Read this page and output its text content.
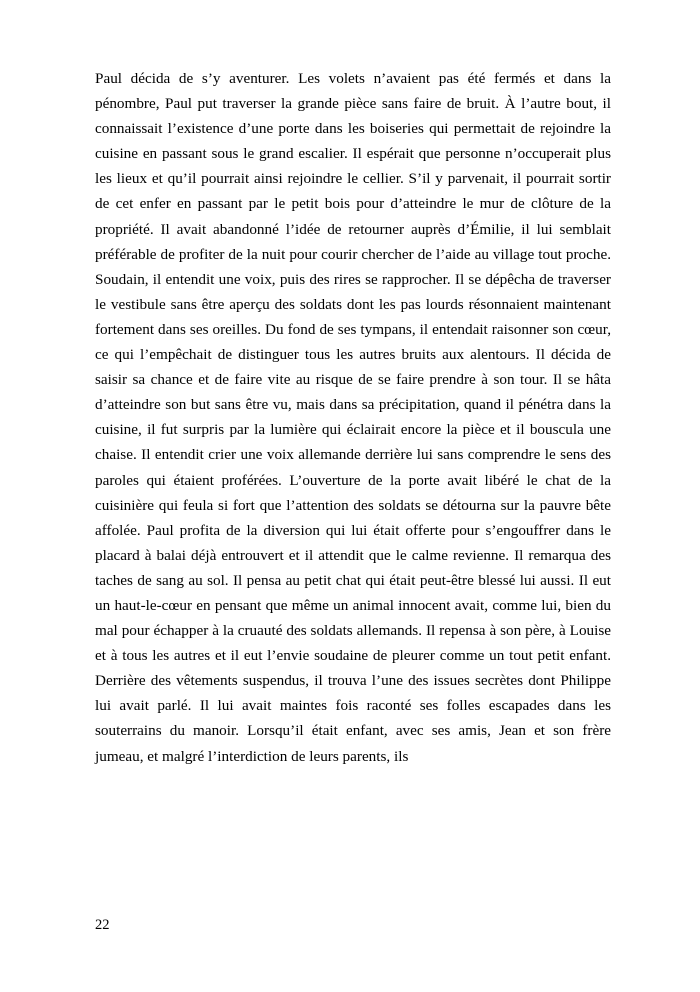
Paul décida de s’y aventurer. Les volets n’avaient pas été fermés et dans la pénombre, Paul put traverser la grande pièce sans faire de bruit. À l’autre bout, il connaissait l’existence d’une porte dans les boiseries qui permettait de rejoindre la cuisine en passant sous le grand escalier. Il espérait que personne n’occuperait plus les lieux et qu’il pourrait ainsi rejoindre le cellier. S’il y parvenait, il pourrait sortir de cet enfer en passant par le petit bois pour d’atteindre le mur de clôture de la propriété. Il avait abandonné l’idée de retourner auprès d’Émilie, il lui semblait préférable de profiter de la nuit pour courir chercher de l’aide au village tout proche. Soudain, il entendit une voix, puis des rires se rapprocher. Il se dépêcha de traverser le vestibule sans être aperçu des soldats dont les pas lourds résonnaient maintenant fortement dans ses oreilles. Du fond de ses tympans, il entendait raisonner son cœur, ce qui l’empêchait de distinguer tous les autres bruits aux alentours. Il décida de saisir sa chance et de faire vite au risque de se faire prendre à son tour. Il se hâta d’atteindre son but sans être vu, mais dans sa précipitation, quand il pénétra dans la cuisine, il fut surpris par la lumière qui éclairait encore la pièce et il bouscula une chaise. Il entendit crier une voix allemande derrière lui sans comprendre le sens des paroles qui étaient proférées. L’ouverture de la porte avait libéré le chat de la cuisinière qui feula si fort que l’attention des soldats se détourna sur la pauvre bête affolée. Paul profita de la diversion qui lui était offerte pour s’engouffrer dans le placard à balai déjà entrouvert et il attendit que le calme revienne. Il remarqua des taches de sang au sol. Il pensa au petit chat qui était peut-être blessé lui aussi. Il eut un haut-le-cœur en pensant que même un animal innocent avait, comme lui, bien du mal pour échapper à la cruauté des soldats allemands. Il repensa à son père, à Louise et à tous les autres et il eut l’envie soudaine de pleurer comme un tout petit enfant. Derrière des vêtements suspendus, il trouva l’une des issues secrètes dont Philippe lui avait parlé. Il lui avait maintes fois raconté ses folles escapades dans les souterrains du manoir. Lorsqu’il était enfant, avec ses amis, Jean et son frère jumeau, et malgré l’interdiction de leurs parents, ils

22
